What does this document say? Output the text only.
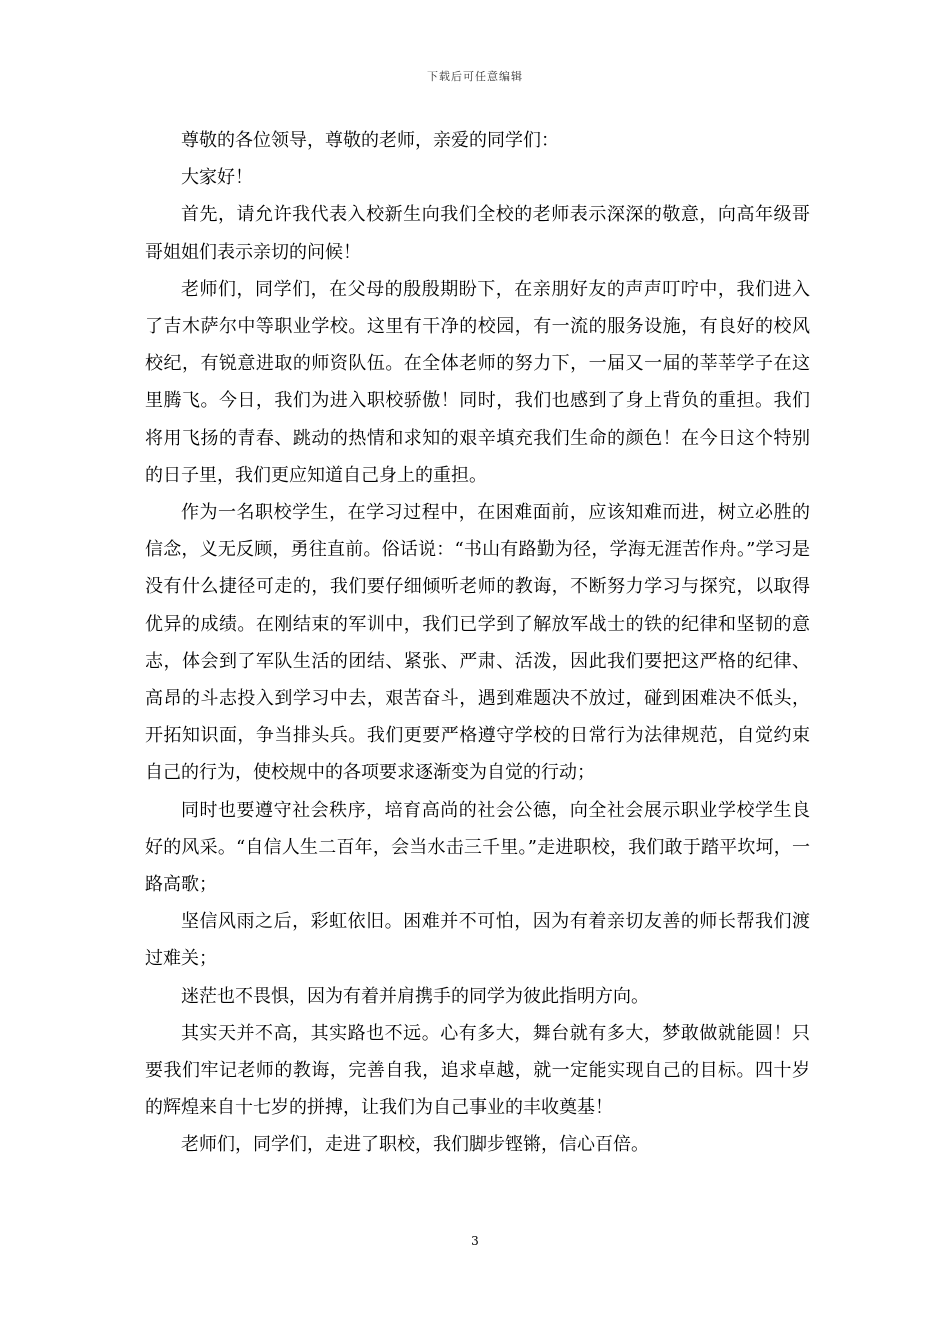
下载后可任意编辑

尊敬的各位领导，尊敬的老师，亲爱的同学们：

大家好！

首先，请允许我代表入校新生向我们全校的老师表示深深的敬意，向高年级哥哥姐姐们表示亲切的问候！

老师们，同学们，在父母的殷殷期盼下，在亲朋好友的声声叮咛中，我们进入了吉木萨尔中等职业学校。这里有干净的校园，有一流的服务设施，有良好的校风校纪，有锐意进取的师资队伍。在全体老师的努力下，一届又一届的莘莘学子在这里腾飞。今日，我们为进入职校骄傲！同时，我们也感到了身上背负的重担。我们将用飞扬的青春、跳动的热情和求知的艰辛填充我们生命的颜色！在今日这个特别的日子里，我们更应知道自己身上的重担。

作为一名职校学生，在学习过程中，在困难面前，应该知难而进，树立必胜的信念，义无反顾，勇往直前。俗话说：“书山有路勤为径，学海无涯苦作舟。”学习是没有什么捷径可走的，我们要仔细倾听老师的教诲，不断努力学习与探究，以取得优异的成绩。在刚结束的军训中，我们已学到了解放军战士的铁的纪律和坚韧的意志，体会到了军队生活的团结、紧张、严肃、活泼，因此我们要把这严格的纪律、高昂的斗志投入到学习中去，艰苦奋斗，遇到难题决不放过，碰到困难决不低头，开拓知识面，争当排头兵。我们更要严格遵守学校的日常行为法律规范，自觉约束自己的行为，使校规中的各项要求逐渐变为自觉的行动；

同时也要遵守社会秩序，培育高尚的社会公德，向全社会展示职业学校学生良好的风采。“自信人生二百年，会当水击三千里。”走进职校，我们敢于踏平坎坷，一路高歌；

坚信风雨之后，彩虹依旧。困难并不可怕，因为有着亲切友善的师长帮我们渡过难关；

迷茫也不畏惧，因为有着并肩携手的同学为彼此指明方向。

其实天并不高，其实路也不远。心有多大，舞台就有多大，梦敢做就能圆！只要我们牢记老师的教诲，完善自我，追求卓越，就一定能实现自己的目标。四十岁的辉煌来自十七岁的拼搏，让我们为自己事业的丰收奠基！

老师们，同学们，走进了职校，我们脚步铿锵，信心百倍。

3
